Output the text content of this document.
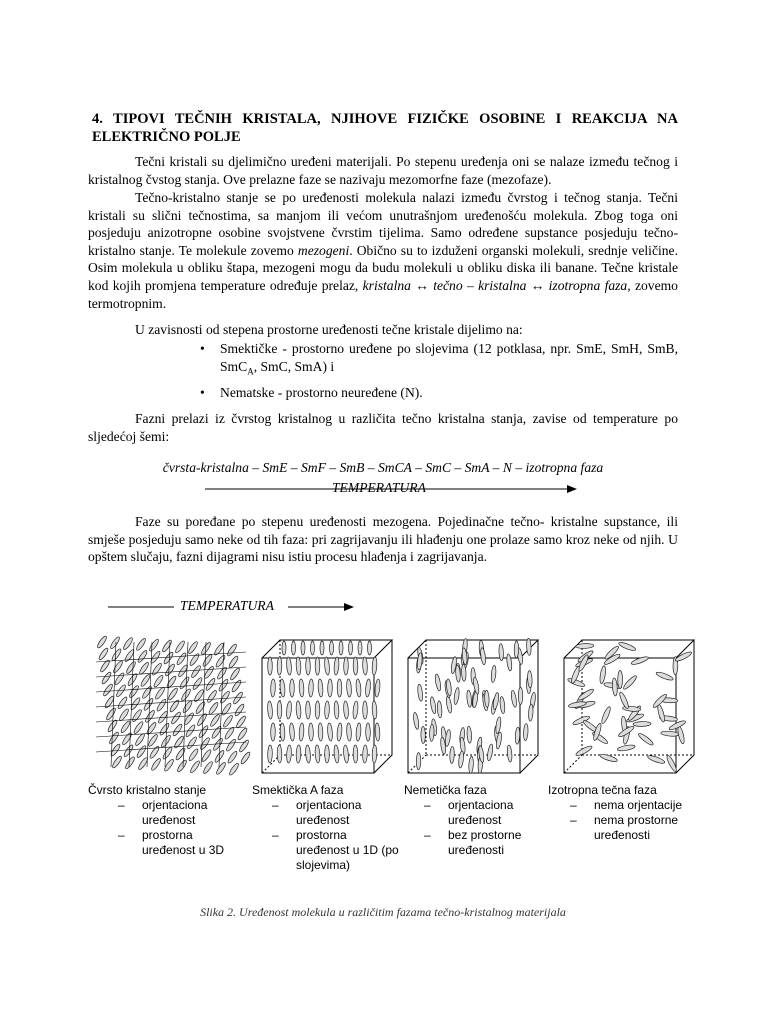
4. TIPOVI TEČNIH KRISTALA, NJIHOVE FIZIČKE OSOBINE I REAKCIJA NA ELEKTRIČNO POLJE

Tečni kristali su djelimično uređeni materijali. Po stepenu uređenja oni se nalaze između tečnog i kristalnog čvstog stanja. Ove prelazne faze se nazivaju mezomorfne faze (mezofaze).

Tečno-kristalno stanje se po uređenosti molekula nalazi između čvrstog i tečnog stanja. Tečni kristali su slični tečnostima, sa manjom ili većom unutrašnjom uređenošću molekula. Zbog toga oni posjeduju anizotropne osobine svojstvene čvrstim tijelima. Samo određene supstance posjeduju tečno-kristalno stanje. Te molekule zovemo mezogeni. Obično su to izduženi organski molekuli, srednje veličine. Osim molekula u obliku štapa, mezogeni mogu da budu molekuli u obliku diska ili banane. Tečne kristale kod kojih promjena temperature određuje prelaz, kristalna ↔ tečno – kristalna ↔ izotropna faza, zovemo termotropnim.

U zavisnosti od stepena prostorne uređenosti tečne kristale dijelimo na:

• Smektičke - prostorno uređene po slojevima (12 potklasa, npr. SmE, SmH, SmB, SmC$_A$, SmC, SmA) i
• Nematske - prostorno neuređene (N).

Fazni prelazi iz čvrstog kristalnog u različita tečno kristalna stanja, zavise od temperature po sljedećoj šemi:

čvrsta-kristalna – SmE – SmF – SmB – SmCA – SmC – SmA – N – izotropna faza
TEMPERATURA

Faze su poređane po stepenu uređenosti mezogena. Pojedinačne tečno- kristalne supstance, ili smješe posjeduju samo neke od tih faza: pri zagrijavanju ili hlađenju one prolaze samo kroz neke od njih. U opštem slučaju, fazni dijagrami nisu istiu procesu hlađenja i zagrijavanja.

TEMPERATURA
Čvrsto kristalno stanje
– orjentaciona uređenost
– prostorna uređenost u 3D
Smektička A faza
– orjentaciona uređenost
– prostorna uređenost u 1D (po slojevima)
Nemetička faza
– orjentaciona uređenost
– bez prostorne uređenosti
Izotropna tečna faza
– nema orjentacije
– nema prostorne uređenosti
Slika 2. Uređenost molekula u različitim fazama tečno-kristalnog materijala
